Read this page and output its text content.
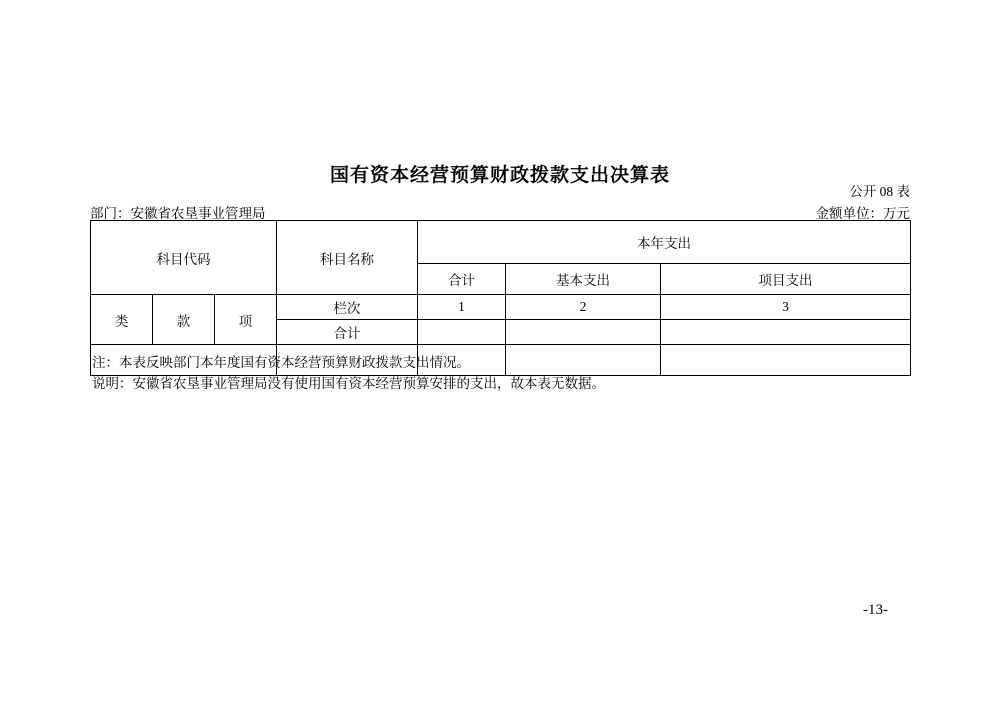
国有资本经营预算财政拨款支出决算表
公开 08 表
部门：安徽省农垦事业管理局	金额单位：万元
科目代码			科目名称	本年支出		
				合计	基本支出	项目支出
类	款	项	栏次	1	2	3
			合计			

注：本表反映部门本年度国有资本经营预算财政拨款支出情况。
说明：安徽省农垦事业管理局没有使用国有资本经营预算安排的支出，故本表无数据。
-13-
